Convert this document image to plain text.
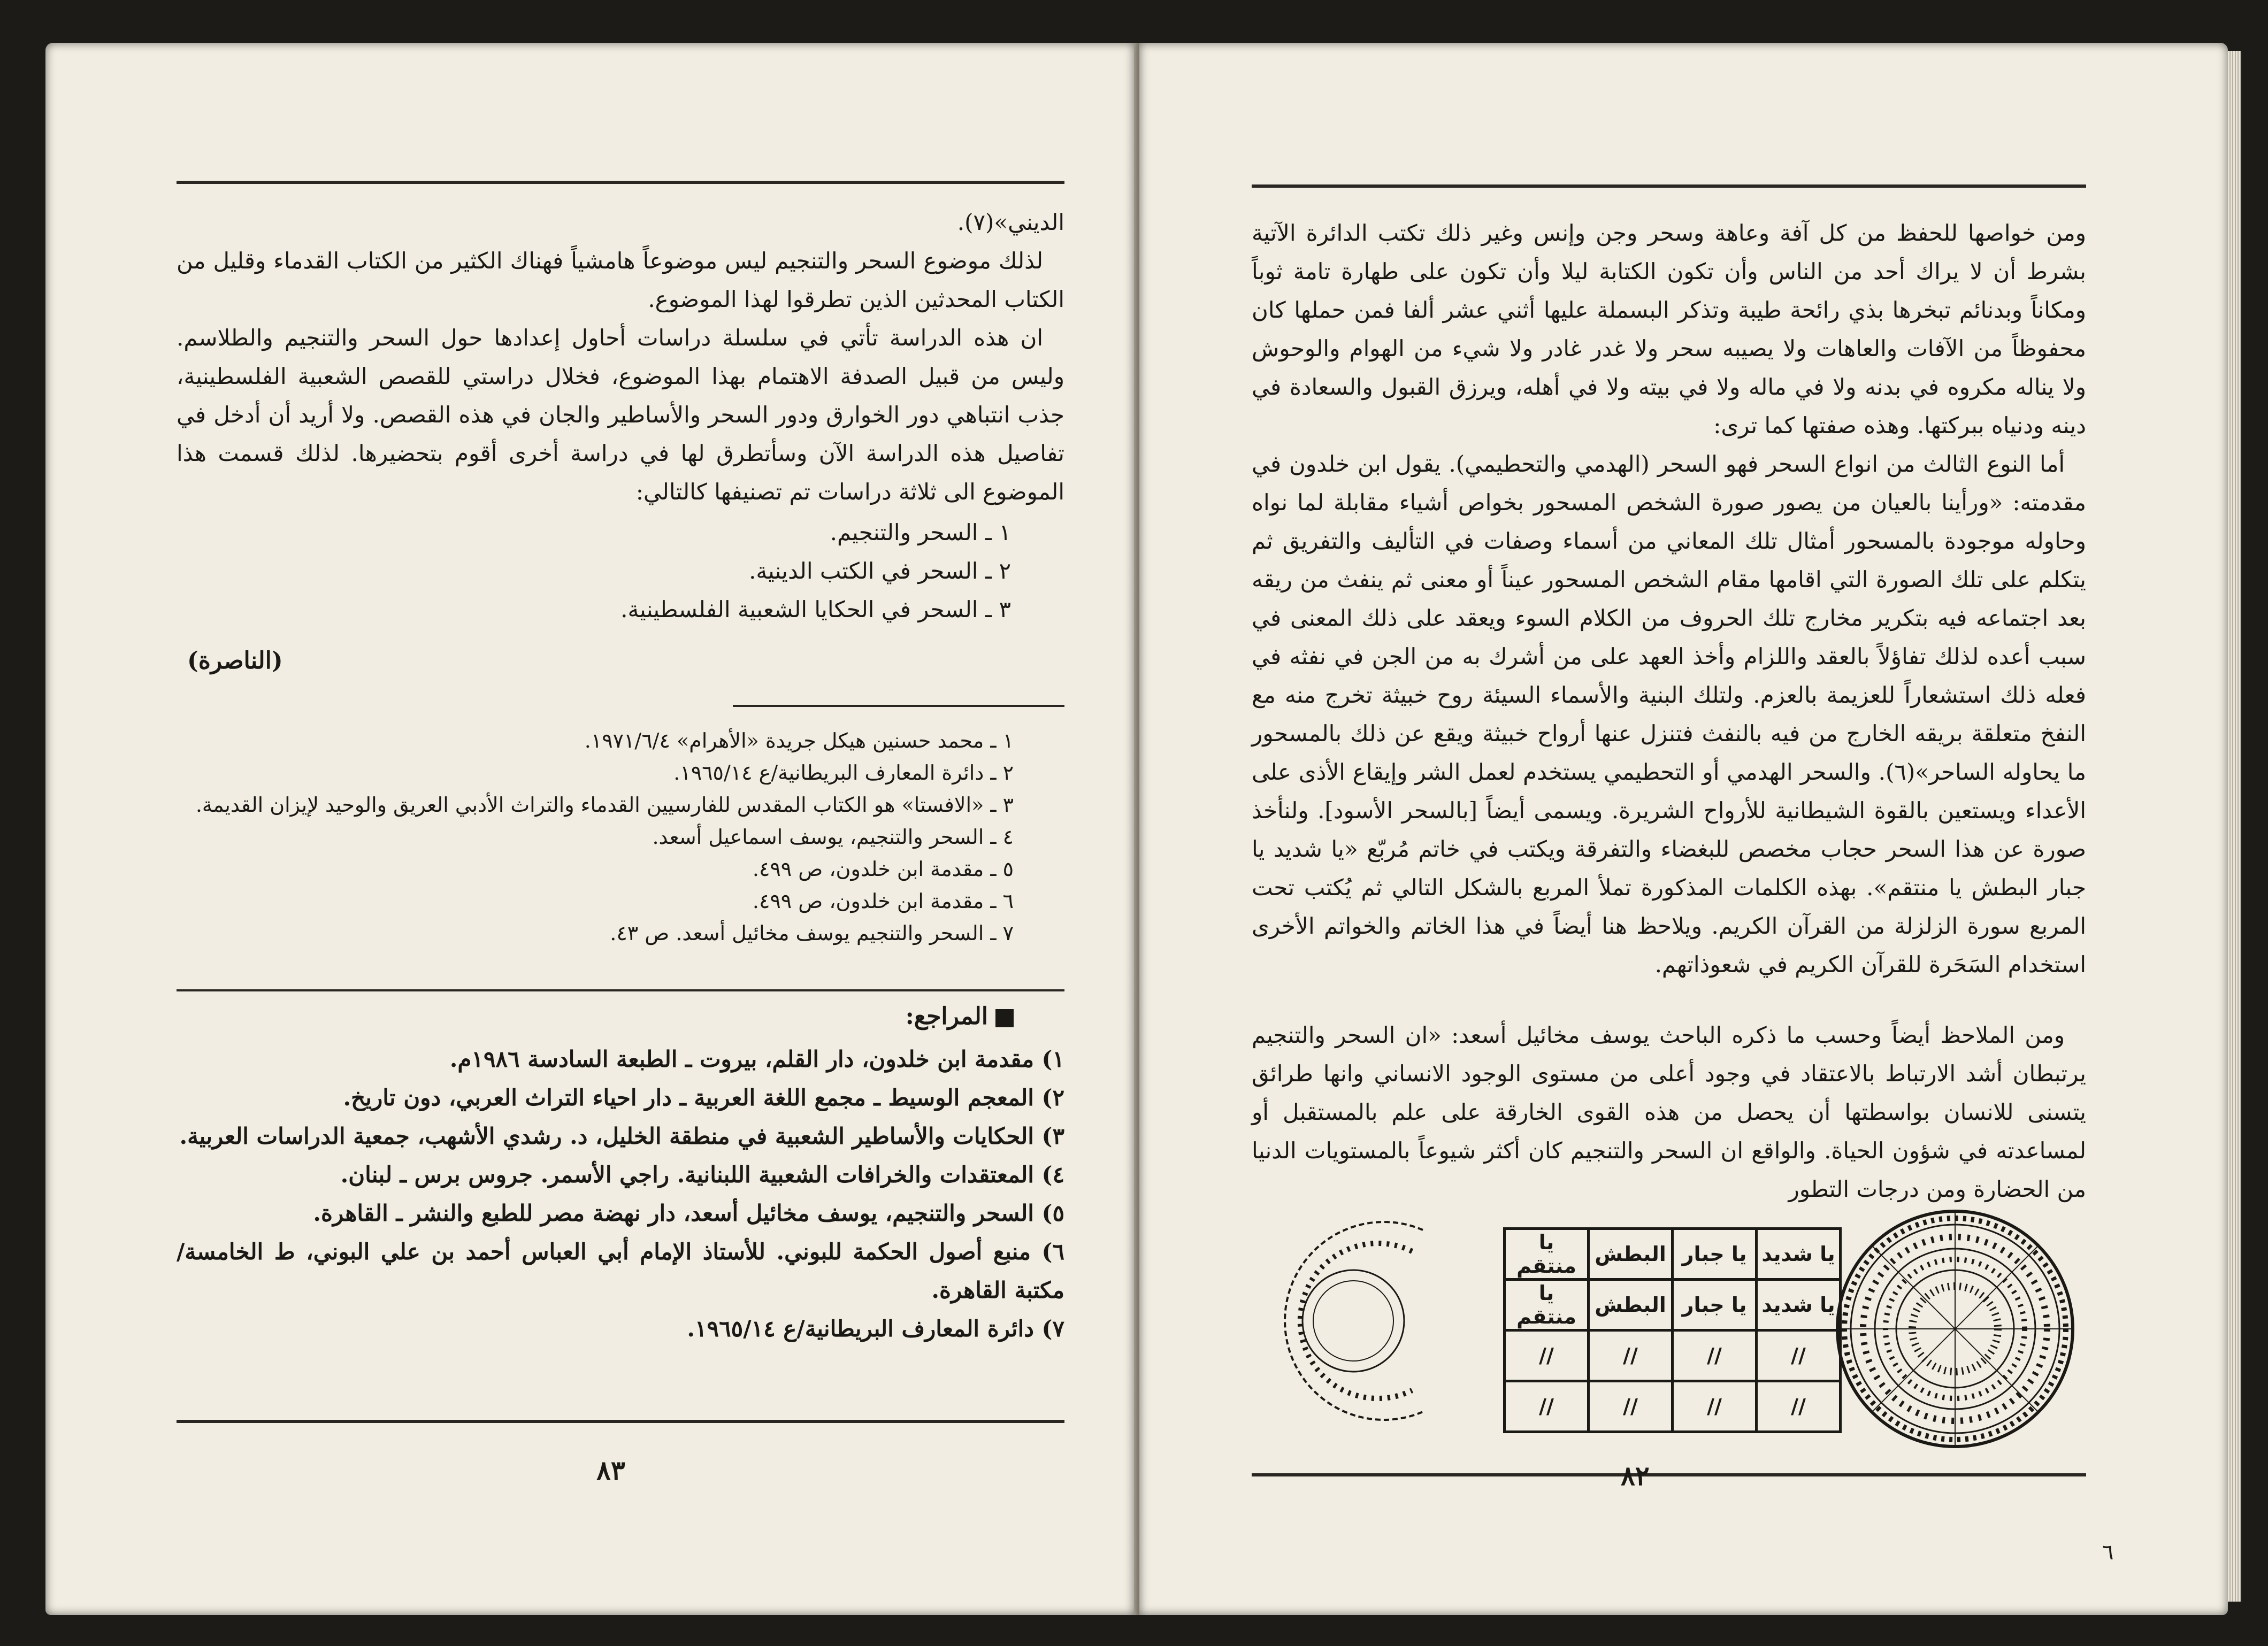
الديني»(٧).

لذلك موضوع السحر والتنجيم ليس موضوعاً هامشياً فهناك الكثير من الكتاب القدماء وقليل من الكتاب المحدثين الذين تطرقوا لهذا الموضوع.

ان هذه الدراسة تأتي في سلسلة دراسات أحاول إعدادها حول السحر والتنجيم والطلاسم. وليس من قبيل الصدفة الاهتمام بهذا الموضوع، فخلال دراستي للقصص الشعبية الفلسطينية، جذب انتباهي دور الخوارق ودور السحر والأساطير والجان في هذه القصص. ولا أريد أن أدخل في تفاصيل هذه الدراسة الآن وسأتطرق لها في دراسة أخرى أقوم بتحضيرها. لذلك قسمت هذا الموضوع الى ثلاثة دراسات تم تصنيفها كالتالي:

١ ـ السحر والتنجيم.
٢ ـ السحر في الكتب الدينية.
٣ ـ السحر في الحكايا الشعبية الفلسطينية.
(الناصرة)
١ ـ محمد حسنين هيكل جريدة «الأهرام» ١٩٧١/٦/٤.
٢ ـ دائرة المعارف البريطانية/ع ١٩٦٥/١٤.
٣ ـ «الافستا» هو الكتاب المقدس للفارسيين القدماء والتراث الأدبي العريق والوحيد لإيزان القديمة.
٤ ـ السحر والتنجيم، يوسف اسماعيل أسعد.
٥ ـ مقدمة ابن خلدون، ص ٤٩٩.
٦ ـ مقدمة ابن خلدون، ص ٤٩٩.
٧ ـ السحر والتنجيم يوسف مخائيل أسعد. ص ٤٣.
المراجع:
١) مقدمة ابن خلدون، دار القلم، بيروت ـ الطبعة السادسة ١٩٨٦م.
٢) المعجم الوسيط ـ مجمع اللغة العربية ـ دار احياء التراث العربي، دون تاريخ.
٣) الحكايات والأساطير الشعبية في منطقة الخليل، د. رشدي الأشهب، جمعية الدراسات العربية.
٤) المعتقدات والخرافات الشعبية اللبنانية. راجي الأسمر. جروس برس ـ لبنان.
٥) السحر والتنجيم، يوسف مخائيل أسعد، دار نهضة مصر للطبع والنشر ـ القاهرة.
٦) منبع أصول الحكمة للبوني. للأستاذ الإمام أبي العباس أحمد بن علي البوني، ط الخامسة/ مكتبة القاهرة.
٧) دائرة المعارف البريطانية/ع ١٩٦٥/١٤.
٨٣

ومن خواصها للحفظ من كل آفة وعاهة وسحر وجن وإنس وغير ذلك تكتب الدائرة الآتية بشرط أن لا يراك أحد من الناس وأن تكون الكتابة ليلا وأن تكون على طهارة تامة ثوباً ومكاناً وبدنائم تبخرها بذي رائحة طيبة وتذكر البسملة عليها أثني عشر ألفا فمن حملها كان محفوظاً من الآفات والعاهات ولا يصيبه سحر ولا غدر غادر ولا شيء من الهوام والوحوش ولا يناله مكروه في بدنه ولا في ماله ولا في بيته ولا في أهله، ويرزق القبول والسعادة في دينه ودنياه ببركتها. وهذه صفتها كما ترى:

أما النوع الثالث من انواع السحر فهو السحر (الهدمي والتحطيمي). يقول ابن خلدون في مقدمته: «ورأينا بالعيان من يصور صورة الشخص المسحور بخواص أشياء مقابلة لما نواه وحاوله موجودة بالمسحور أمثال تلك المعاني من أسماء وصفات في التأليف والتفريق ثم يتكلم على تلك الصورة التي اقامها مقام الشخص المسحور عيناً أو معنى ثم ينفث من ريقه بعد اجتماعه فيه بتكرير مخارج تلك الحروف من الكلام السوء ويعقد على ذلك المعنى في سبب أعده لذلك تفاؤلاً بالعقد واللزام وأخذ العهد على من أشرك به من الجن في نفثه في فعله ذلك استشعاراً للعزيمة بالعزم. ولتلك البنية والأسماء السيئة روح خبيثة تخرج منه مع النفخ متعلقة بريقه الخارج من فيه بالنفث فتنزل عنها أرواح خبيثة ويقع عن ذلك بالمسحور ما يحاوله الساحر»(٦). والسحر الهدمي أو التحطيمي يستخدم لعمل الشر وإيقاع الأذى على الأعداء ويستعين بالقوة الشيطانية للأرواح الشريرة. ويسمى أيضاً [بالسحر الأسود]. ولنأخذ صورة عن هذا السحر حجاب مخصص للبغضاء والتفرقة ويكتب في خاتم مُربّع «يا شديد يا جبار البطش يا منتقم». بهذه الكلمات المذكورة تملأ المربع بالشكل التالي ثم يُكتب تحت المربع سورة الزلزلة من القرآن الكريم. ويلاحظ هنا أيضاً في هذا الخاتم والخواتم الأخرى استخدام السَحَرة للقرآن الكريم في شعوذاتهم.

ومن الملاحظ أيضاً وحسب ما ذكره الباحث يوسف مخائيل أسعد: «ان السحر والتنجيم يرتبطان أشد الارتباط بالاعتقاد في وجود أعلى من مستوى الوجود الانساني وانها طرائق يتسنى للانسان بواسطتها أن يحصل من هذه القوى الخارقة على علم بالمستقبل أو لمساعدته في شؤون الحياة. والواقع ان السحر والتنجيم كان أكثر شيوعاً بالمستويات الدنيا من الحضارة ومن درجات التطور

يا شديد	يا جبار	البطش	يا منتقم
يا شديد	يا جبار	البطش	يا منتقم
//	//	//	//
//	//	//	//
٨٢
٦
